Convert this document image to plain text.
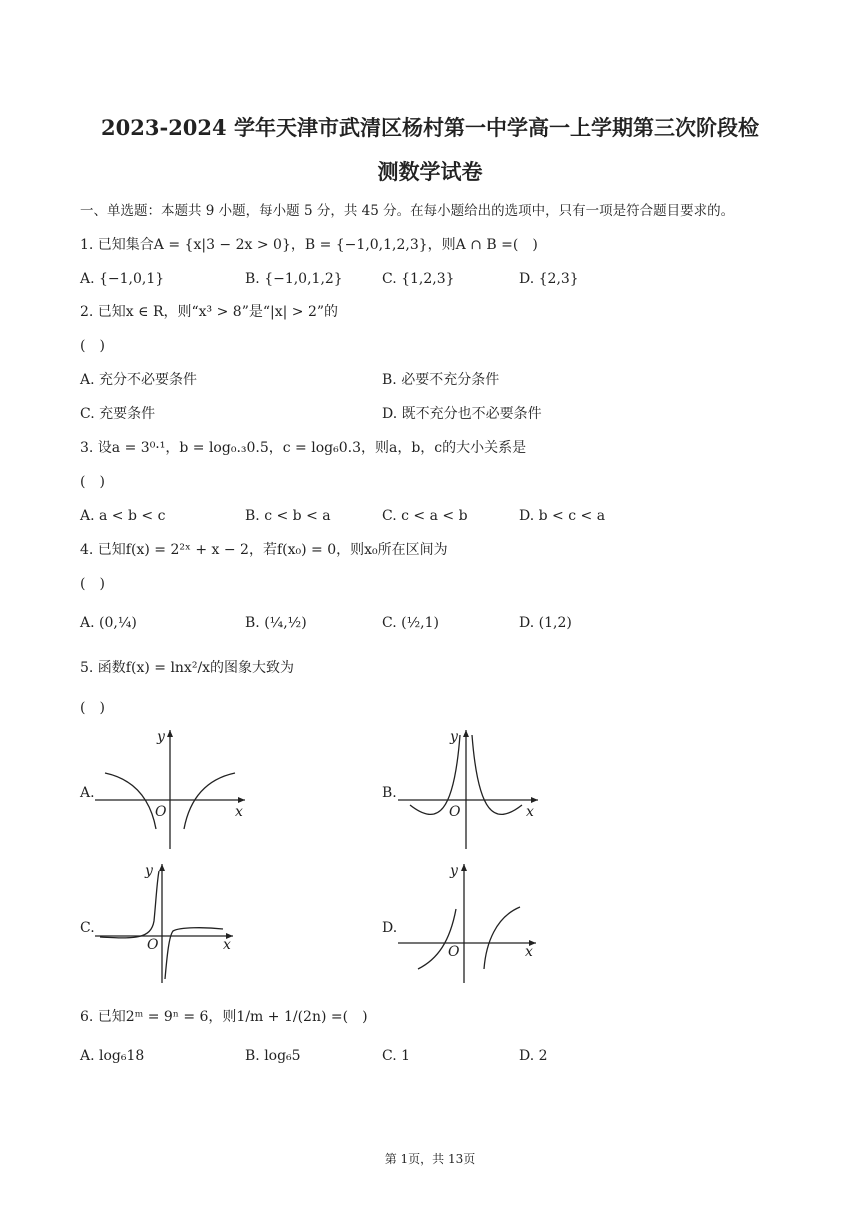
2023-2024 学年天津市武清区杨村第一中学高一上学期第三次阶段检
测数学试卷
一、单选题：本题共 9 小题，每小题 5 分，共 45 分。在每小题给出的选项中，只有一项是符合题目要求的。
1. 已知集合A = {x|3 − 2x > 0}，B = {−1,0,1,2,3}，则A ∩ B =(　)
A. {−1,0,1}	B. {−1,0,1,2}	C. {1,2,3}	D. {2,3}
2. 已知x ∈ R，则“x³ > 8”是“|x| > 2”的
(　)
A. 充分不必要条件	B. 必要不充分条件
C. 充要条件	D. 既不充分也不必要条件
3. 设a = 3⁰·¹，b = log₀.₃0.5，c = log₆0.3，则a，b，c的大小关系是
(　)
A. a < b < c	B. c < b < a	C. c < a < b	D. b < c < a
4. 已知f(x) = 2²ˣ + x − 2，若f(x₀) = 0，则x₀所在区间为
(　)
A. (0,¼)	B. (¼,½)	C. (½,1)	D. (1,2)
5. 函数f(x) = lnx²/x的图象大致为
(　)
A.	B.
C.	D.
y
x
O
y
x
O
y
x
O
y
x
O
6. 已知2ᵐ = 9ⁿ = 6，则1/m + 1/(2n) =(　)
A. log₆18	B. log₆5	C. 1	D. 2
第 1页，共 13页
